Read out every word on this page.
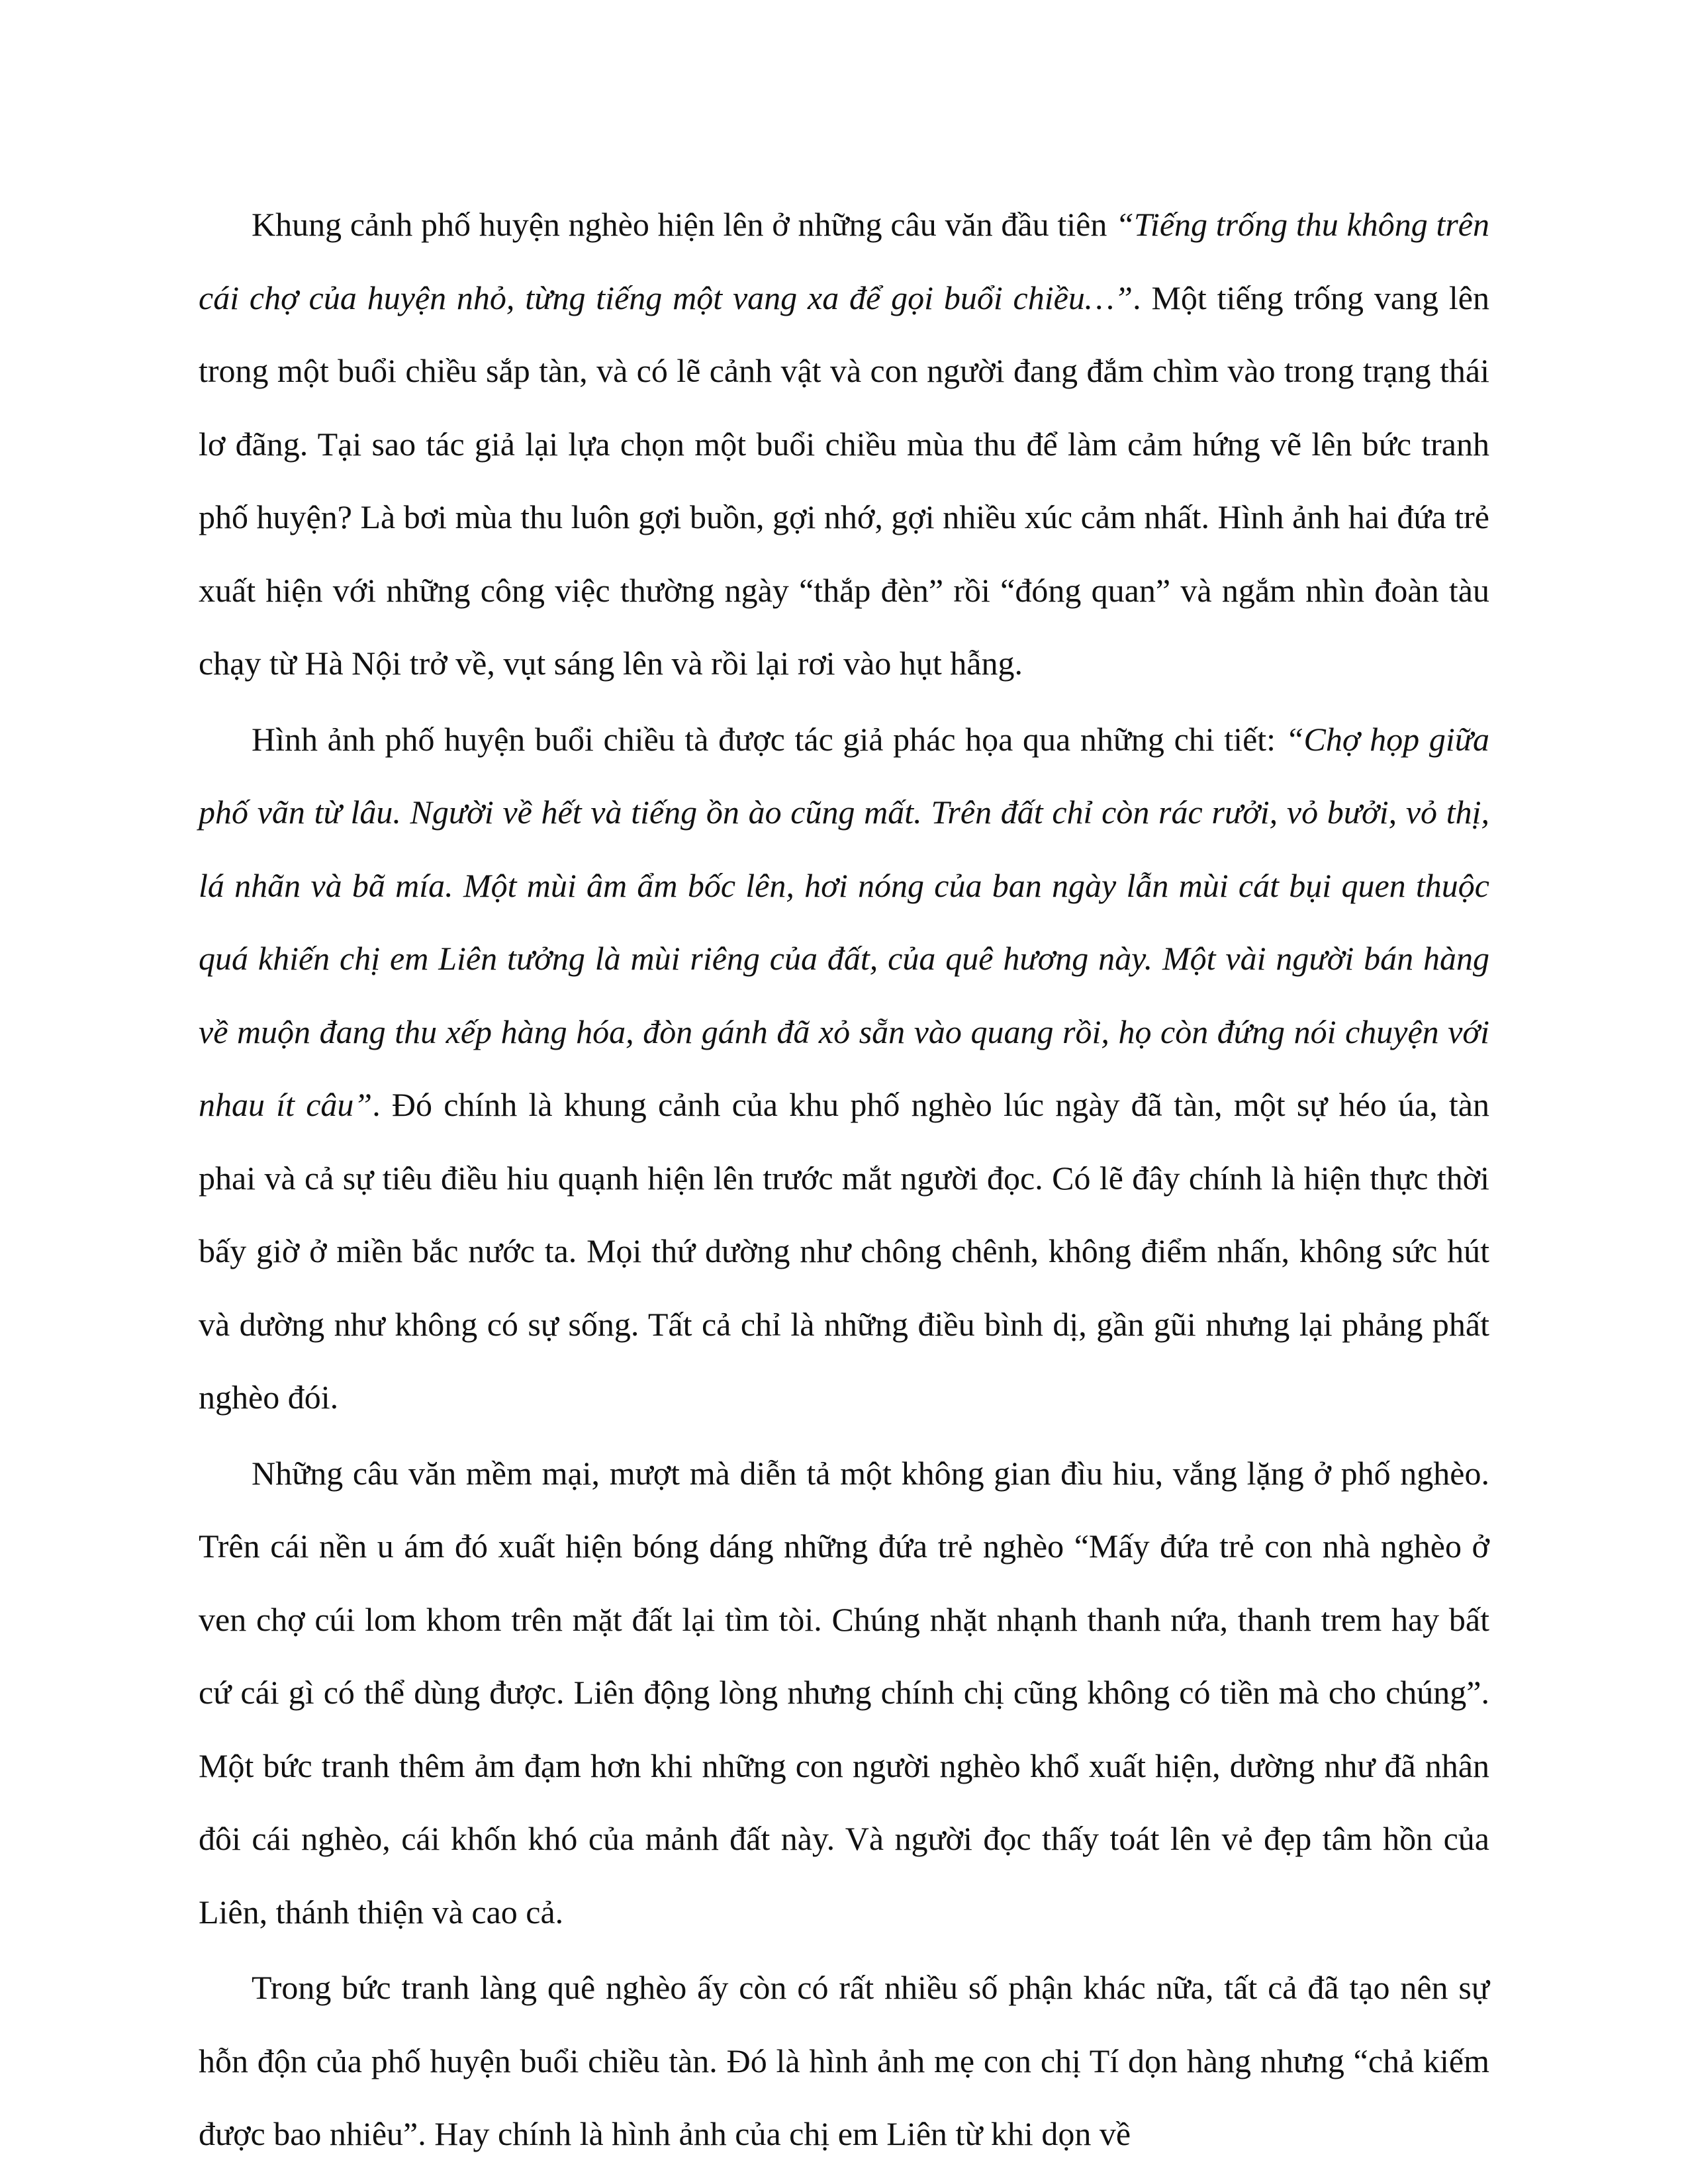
Khung cảnh phố huyện nghèo hiện lên ở những câu văn đầu tiên “Tiếng trống thu không trên cái chợ của huyện nhỏ, từng tiếng một vang xa để gọi buổi chiều…”. Một tiếng trống vang lên trong một buổi chiều sắp tàn, và có lẽ cảnh vật và con người đang đắm chìm vào trong trạng thái lơ đãng. Tại sao tác giả lại lựa chọn một buổi chiều mùa thu để làm cảm hứng vẽ lên bức tranh phố huyện? Là bơi mùa thu luôn gợi buồn, gợi nhớ, gợi nhiều xúc cảm nhất. Hình ảnh hai đứa trẻ xuất hiện với những công việc thường ngày “thắp đèn” rồi “đóng quan” và ngắm nhìn đoàn tàu chạy từ Hà Nội trở về, vụt sáng lên và rồi lại rơi vào hụt hẫng.

Hình ảnh phố huyện buổi chiều tà được tác giả phác họa qua những chi tiết: “Chợ họp giữa phố vãn từ lâu. Người về hết và tiếng ồn ào cũng mất. Trên đất chỉ còn rác rưởi, vỏ bưởi, vỏ thị, lá nhãn và bã mía. Một mùi âm ẩm bốc lên, hơi nóng của ban ngày lẫn mùi cát bụi quen thuộc quá khiến chị em Liên tưởng là mùi riêng của đất, của quê hương này. Một vài người bán hàng về muộn đang thu xếp hàng hóa, đòn gánh đã xỏ sẵn vào quang rồi, họ còn đứng nói chuyện với nhau ít câu”. Đó chính là khung cảnh của khu phố nghèo lúc ngày đã tàn, một sự héo úa, tàn phai và cả sự tiêu điều hiu quạnh hiện lên trước mắt người đọc. Có lẽ đây chính là hiện thực thời bấy giờ ở miền bắc nước ta. Mọi thứ dường như chông chênh, không điểm nhấn, không sức hút và dường như không có sự sống. Tất cả chỉ là những điều bình dị, gần gũi nhưng lại phảng phất nghèo đói.

Những câu văn mềm mại, mượt mà diễn tả một không gian đìu hiu, vắng lặng ở phố nghèo. Trên cái nền u ám đó xuất hiện bóng dáng những đứa trẻ nghèo “Mấy đứa trẻ con nhà nghèo ở ven chợ cúi lom khom trên mặt đất lại tìm tòi. Chúng nhặt nhạnh thanh nứa, thanh trem hay bất cứ cái gì có thể dùng được. Liên động lòng nhưng chính chị cũng không có tiền mà cho chúng”. Một bức tranh thêm ảm đạm hơn khi những con người nghèo khổ xuất hiện, dường như đã nhân đôi cái nghèo, cái khốn khó của mảnh đất này. Và người đọc thấy toát lên vẻ đẹp tâm hồn của Liên, thánh thiện và cao cả.

Trong bức tranh làng quê nghèo ấy còn có rất nhiều số phận khác nữa, tất cả đã tạo nên sự hỗn độn của phố huyện buổi chiều tàn. Đó là hình ảnh mẹ con chị Tí dọn hàng nhưng “chả kiếm được bao nhiêu”. Hay chính là hình ảnh của chị em Liên từ khi dọn về
